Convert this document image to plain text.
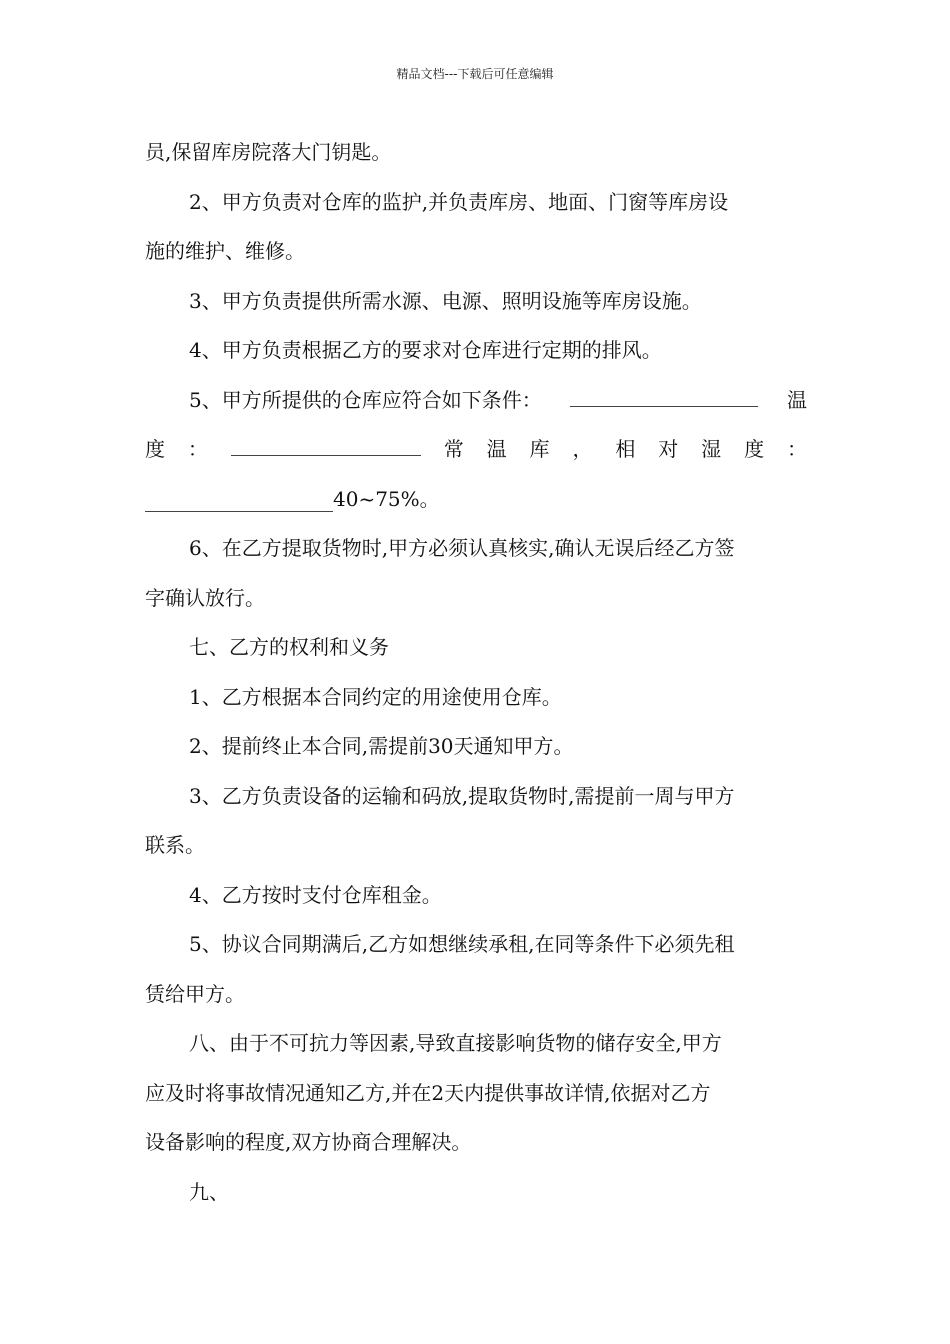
精品文档---下载后可任意编辑

员,保留库房院落大门钥匙。

2、甲方负责对仓库的监护,并负责库房、地面、门窗等库房设

施的维护、维修。

3、甲方负责提供所需水源、电源、照明设施等库房设施。

4、甲方负责根据乙方的要求对仓库进行定期的排风。

5、甲方所提供的仓库应符合如下条件：	温
度 ：	常 温 库 ， 相 对 湿 度 ：
40~75%。

6、在乙方提取货物时,甲方必须认真核实,确认无误后经乙方签

字确认放行。

七、乙方的权利和义务

1、乙方根据本合同约定的用途使用仓库。

2、提前终止本合同,需提前30天通知甲方。

3、乙方负责设备的运输和码放,提取货物时,需提前一周与甲方

联系。

4、乙方按时支付仓库租金。

5、协议合同期满后,乙方如想继续承租,在同等条件下必须先租

赁给甲方。

八、由于不可抗力等因素,导致直接影响货物的储存安全,甲方

应及时将事故情况通知乙方,并在2天内提供事故详情,依据对乙方

设备影响的程度,双方协商合理解决。

九、
